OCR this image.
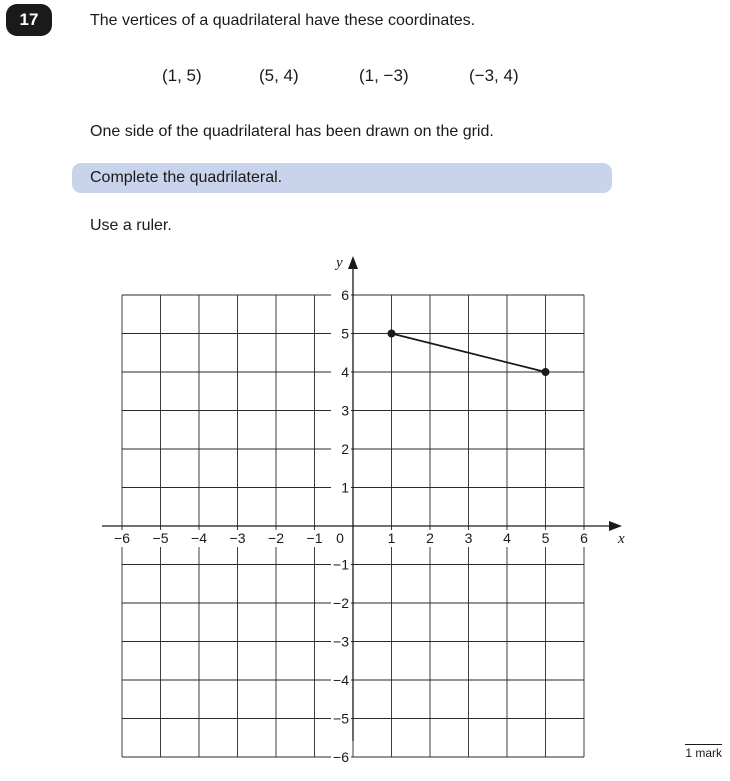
17	The vertices of a quadrilateral have these coordinates.
(1, 5)	(5, 4)	(1, −3)	(−3, 4)
One side of the quadrilateral has been drawn on the grid.
Complete the quadrilateral.
Use a ruler.
−6 −5 −4 −3 −2 −1	1 2 3 4 5 6
−6
−5
−4
−3
−2
−1
1
2
3
4
5
6
0	x
y
1 mark
